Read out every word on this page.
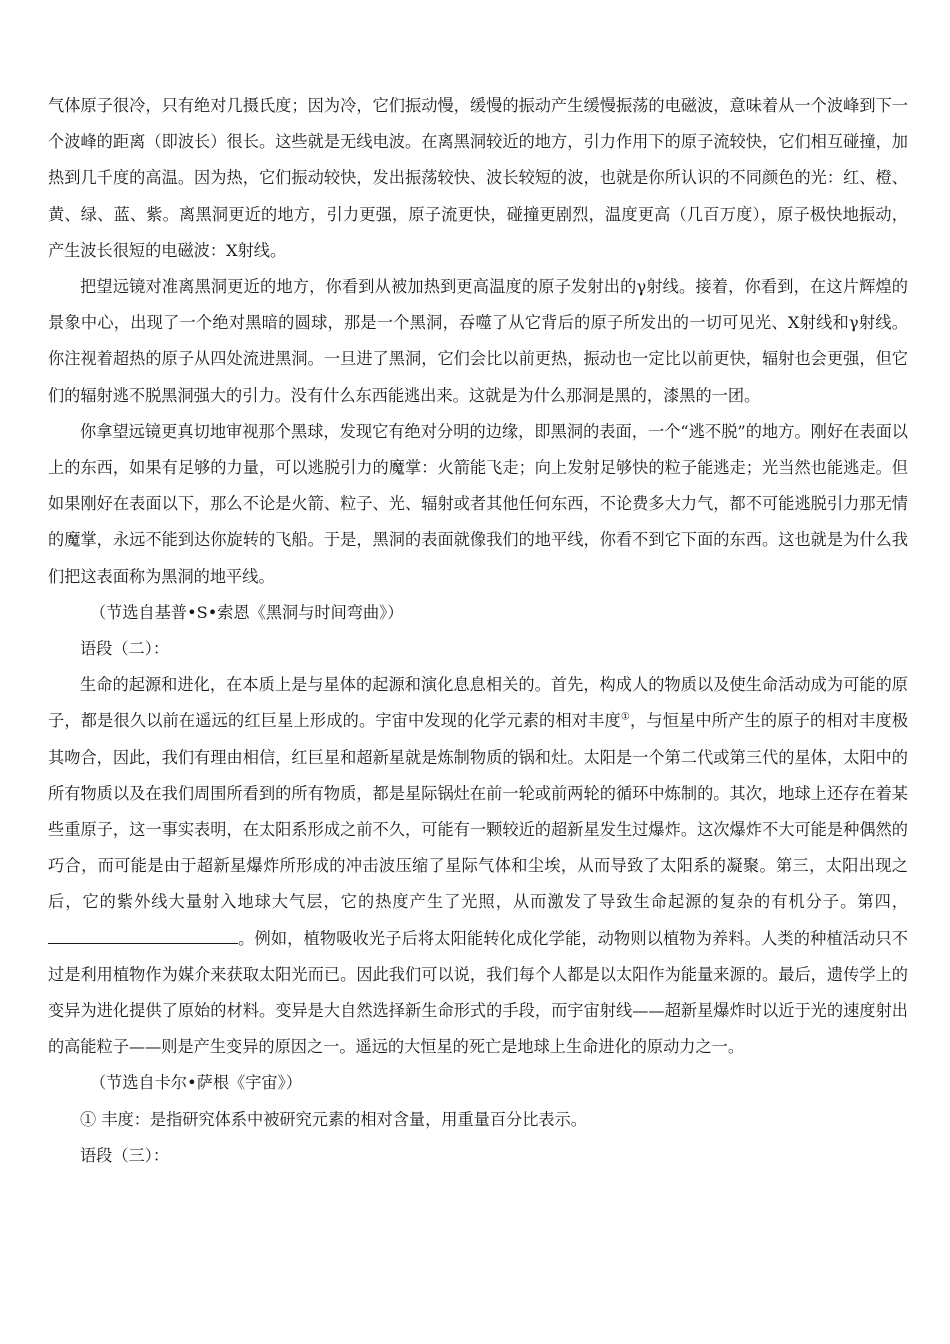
气体原子很冷，只有绝对几摄氏度；因为冷，它们振动慢，缓慢的振动产生缓慢振荡的电磁波，意味着从一个波峰到下一个波峰的距离（即波长）很长。这些就是无线电波。在离黑洞较近的地方，引力作用下的原子流较快，它们相互碰撞，加热到几千度的高温。因为热，它们振动较快，发出振荡较快、波长较短的波，也就是你所认识的不同颜色的光：红、橙、黄、绿、蓝、紫。离黑洞更近的地方，引力更强，原子流更快，碰撞更剧烈，温度更高（几百万度），原子极快地振动，产生波长很短的电磁波：X射线。

把望远镜对准离黑洞更近的地方，你看到从被加热到更高温度的原子发射出的γ射线。接着，你看到，在这片辉煌的景象中心，出现了一个绝对黑暗的圆球，那是一个黑洞，吞噬了从它背后的原子所发出的一切可见光、X射线和γ射线。你注视着超热的原子从四处流进黑洞。一旦进了黑洞，它们会比以前更热，振动也一定比以前更快，辐射也会更强，但它们的辐射逃不脱黑洞强大的引力。没有什么东西能逃出来。这就是为什么那洞是黑的，漆黑的一团。

你拿望远镜更真切地审视那个黑球，发现它有绝对分明的边缘，即黑洞的表面，一个“逃不脱”的地方。刚好在表面以上的东西，如果有足够的力量，可以逃脱引力的魔掌：火箭能飞走；向上发射足够快的粒子能逃走；光当然也能逃走。但如果刚好在表面以下，那么不论是火箭、粒子、光、辐射或者其他任何东西，不论费多大力气，都不可能逃脱引力那无情的魔掌，永远不能到达你旋转的飞船。于是，黑洞的表面就像我们的地平线，你看不到它下面的东西。这也就是为什么我们把这表面称为黑洞的地平线。

（节选自基普•S•索恩《黑洞与时间弯曲》）

语段（二）：

生命的起源和进化，在本质上是与星体的起源和演化息息相关的。首先，构成人的物质以及使生命活动成为可能的原子，都是很久以前在遥远的红巨星上形成的。宇宙中发现的化学元素的相对丰度①，与恒星中所产生的原子的相对丰度极其吻合，因此，我们有理由相信，红巨星和超新星就是炼制物质的锅和灶。太阳是一个第二代或第三代的星体，太阳中的所有物质以及在我们周围所看到的所有物质，都是星际锅灶在前一轮或前两轮的循环中炼制的。其次，地球上还存在着某些重原子，这一事实表明，在太阳系形成之前不久，可能有一颗较近的超新星发生过爆炸。这次爆炸不大可能是种偶然的巧合，而可能是由于超新星爆炸所形成的冲击波压缩了星际气体和尘埃，从而导致了太阳系的凝聚。第三，太阳出现之后，它的紫外线大量射入地球大气层，它的热度产生了光照，从而激发了导致生命起源的复杂的有机分子。第四，。例如，植物吸收光子后将太阳能转化成化学能，动物则以植物为养料。人类的种植活动只不过是利用植物作为媒介来获取太阳光而已。因此我们可以说，我们每个人都是以太阳作为能量来源的。最后，遗传学上的变异为进化提供了原始的材料。变异是大自然选择新生命形式的手段，而宇宙射线——超新星爆炸时以近于光的速度射出的高能粒子——则是产生变异的原因之一。遥远的大恒星的死亡是地球上生命进化的原动力之一。

（节选自卡尔•萨根《宇宙》）

① 丰度：是指研究体系中被研究元素的相对含量，用重量百分比表示。

语段（三）：
